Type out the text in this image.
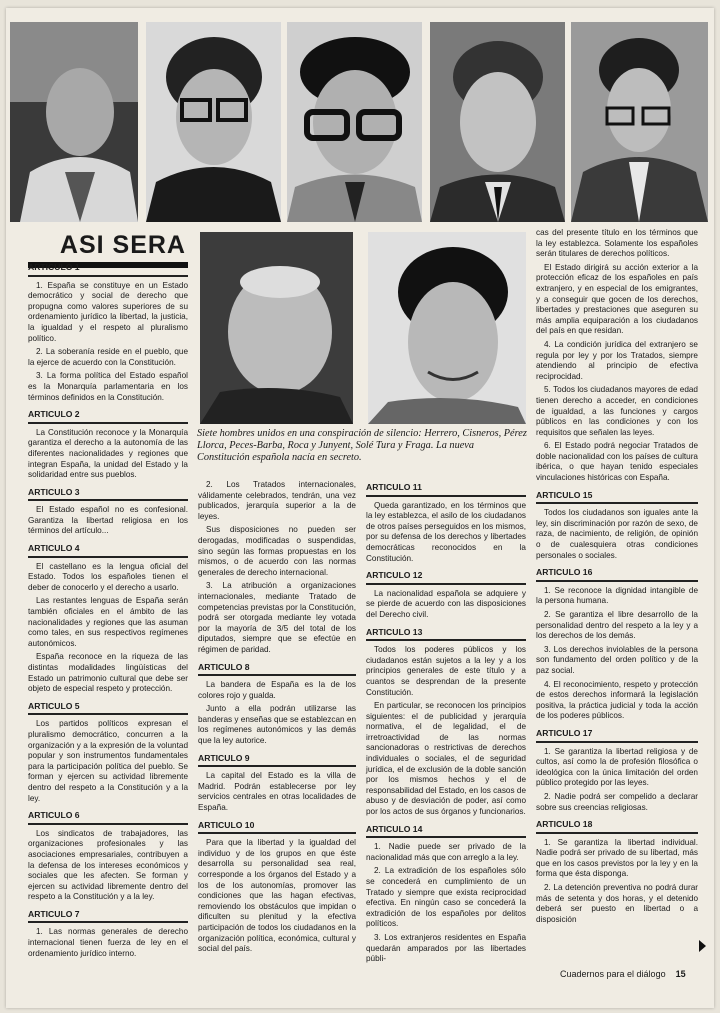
ASI SERA

Siete hombres unidos en una conspiración de silencio: Herrero, Cisneros, Pérez Llorca, Peces-Barba, Roca y Junyent, Solé Tura y Fraga. La nueva Constitución española nacía en secreto.

ARTICULO 1

1. España se constituye en un Estado democrático y social de derecho que propugna como valores superiores de su ordenamiento jurídico la libertad, la justicia, la igualdad y el respeto al pluralismo político.

2. La soberanía reside en el pueblo, que la ejerce de acuerdo con la Constitución.

3. La forma política del Estado español es la Monarquía parlamentaria en los términos definidos en la Constitución.

ARTICULO 2

La Constitución reconoce y la Monarquía garantiza el derecho a la autonomía de las diferentes nacionalidades y regiones que integran España, la unidad del Estado y la solidaridad entre sus pueblos.

ARTICULO 3

El Estado español no es confesional. Garantiza la libertad religiosa en los términos del artículo...

ARTICULO 4

El castellano es la lengua oficial del Estado. Todos los españoles tienen el deber de conocerlo y el derecho a usarlo.

Las restantes lenguas de España serán también oficiales en el ámbito de las nacionalidades y regiones que las asuman como tales, en sus respectivos regímenes autonómicos.

España reconoce en la riqueza de las distintas modalidades lingüísticas del Estado un patrimonio cultural que debe ser objeto de especial respeto y protección.

ARTICULO 5

Los partidos políticos expresan el pluralismo democrático, concurren a la organización y a la expresión de la voluntad popular y son instrumentos fundamentales para la participación política del pueblo. Se forman y ejercen su actividad libremente dentro del respeto a la Constitución y a la ley.

ARTICULO 6

Los sindicatos de trabajadores, las organizaciones profesionales y las asociaciones empresariales, contribuyen a la defensa de los intereses económicos y sociales que les afecten. Se forman y ejercen su actividad libremente dentro del respeto a la Constitución y a la ley.

ARTICULO 7

1. Las normas generales de derecho internacional tienen fuerza de ley en el ordenamiento jurídico interno.

2. Los Tratados internacionales, válidamente celebrados, tendrán, una vez publicados, jerarquía superior a la de leyes.

Sus disposiciones no pueden ser derogadas, modificadas o suspendidas, sino según las formas propuestas en los mismos, o de acuerdo con las normas generales de derecho internacional.

3. La atribución a organizaciones internacionales, mediante Tratado de competencias previstas por la Constitución, podrá ser otorgada mediante ley votada por la mayoría de 3/5 del total de los diputados, siempre que se efectúe en régimen de paridad.

ARTICULO 8

La bandera de España es la de los colores rojo y gualda.

Junto a ella podrán utilizarse las banderas y enseñas que se establezcan en los regímenes autonómicos y las demás que la ley autorice.

ARTICULO 9

La capital del Estado es la villa de Madrid. Podrán establecerse por ley servicios centrales en otras localidades de España.

ARTICULO 10

Para que la libertad y la igualdad del individuo y de los grupos en que éste desarrolla su personalidad sea real, corresponde a los órganos del Estado y a los de los autonomías, promover las condiciones que las hagan efectivas, removiendo los obstáculos que impidan o dificulten su plenitud y la efectiva participación de todos los ciudadanos en la organización política, económica, cultural y social del país.

ARTICULO 11

Queda garantizado, en los términos que la ley establezca, el asilo de los ciudadanos de otros países perseguidos en los mismos, por su defensa de los derechos y libertades democráticas reconocidos en la Constitución.

ARTICULO 12

La nacionalidad española se adquiere y se pierde de acuerdo con las disposiciones del Derecho civil.

ARTICULO 13

Todos los poderes públicos y los ciudadanos están sujetos a la ley y a los principios generales de este título y a cuantos se desprendan de la presente Constitución.

En particular, se reconocen los principios siguientes: el de publicidad y jerarquía normativa, el de legalidad, el de irretroactividad de las normas sancionadoras o restrictivas de derechos individuales o sociales, el de seguridad jurídica, el de exclusión de la doble sanción por los mismos hechos y el de responsabilidad del Estado, en los casos de abuso y de desviación de poder, así como por los actos de sus órganos y funcionarios.

ARTICULO 14

1. Nadie puede ser privado de la nacionalidad más que con arreglo a la ley.

2. La extradición de los españoles sólo se concederá en cumplimiento de un Tratado y siempre que exista reciprocidad efectiva. En ningún caso se concederá la extradición de los españoles por delitos políticos.

3. Los extranjeros residentes en España quedarán amparados por las libertades públi-

cas del presente título en los términos que la ley establezca. Solamente los españoles serán titulares de derechos políticos.

El Estado dirigirá su acción exterior a la protección eficaz de los españoles en país extranjero, y en especial de los emigrantes, y a conseguir que gocen de los derechos, libertades y prestaciones que aseguren su más amplia equiparación a los ciudadanos del país en que residan.

4. La condición jurídica del extranjero se regula por ley y por los Tratados, siempre atendiendo al principio de efectiva reciprocidad.

5. Todos los ciudadanos mayores de edad tienen derecho a acceder, en condiciones de igualdad, a las funciones y cargos públicos en las condiciones y con los requisitos que señalen las leyes.

6. El Estado podrá negociar Tratados de doble nacionalidad con los países de cultura ibérica, o que hayan tenido especiales vinculaciones históricas con España.

ARTICULO 15

Todos los ciudadanos son iguales ante la ley, sin discriminación por razón de sexo, de raza, de nacimiento, de religión, de opinión o de cualesquiera otras condiciones personales o sociales.

ARTICULO 16

1. Se reconoce la dignidad intangible de la persona humana.

2. Se garantiza el libre desarrollo de la personalidad dentro del respeto a la ley y a los derechos de los demás.

3. Los derechos inviolables de la persona son fundamento del orden político y de la paz social.

4. El reconocimiento, respeto y protección de estos derechos informará la legislación positiva, la práctica judicial y toda la acción de los poderes públicos.

ARTICULO 17

1. Se garantiza la libertad religiosa y de cultos, así como la de profesión filosófica o ideológica con la única limitación del orden público protegido por las leyes.

2. Nadie podrá ser compelido a declarar sobre sus creencias religiosas.

ARTICULO 18

1. Se garantiza la libertad individual. Nadie podrá ser privado de su libertad, más que en los casos previstos por la ley y en la forma que ésta disponga.

2. La detención preventiva no podrá durar más de setenta y dos horas, y el detenido deberá ser puesto en libertad o a disposición

Cuadernos para el diálogo 15
